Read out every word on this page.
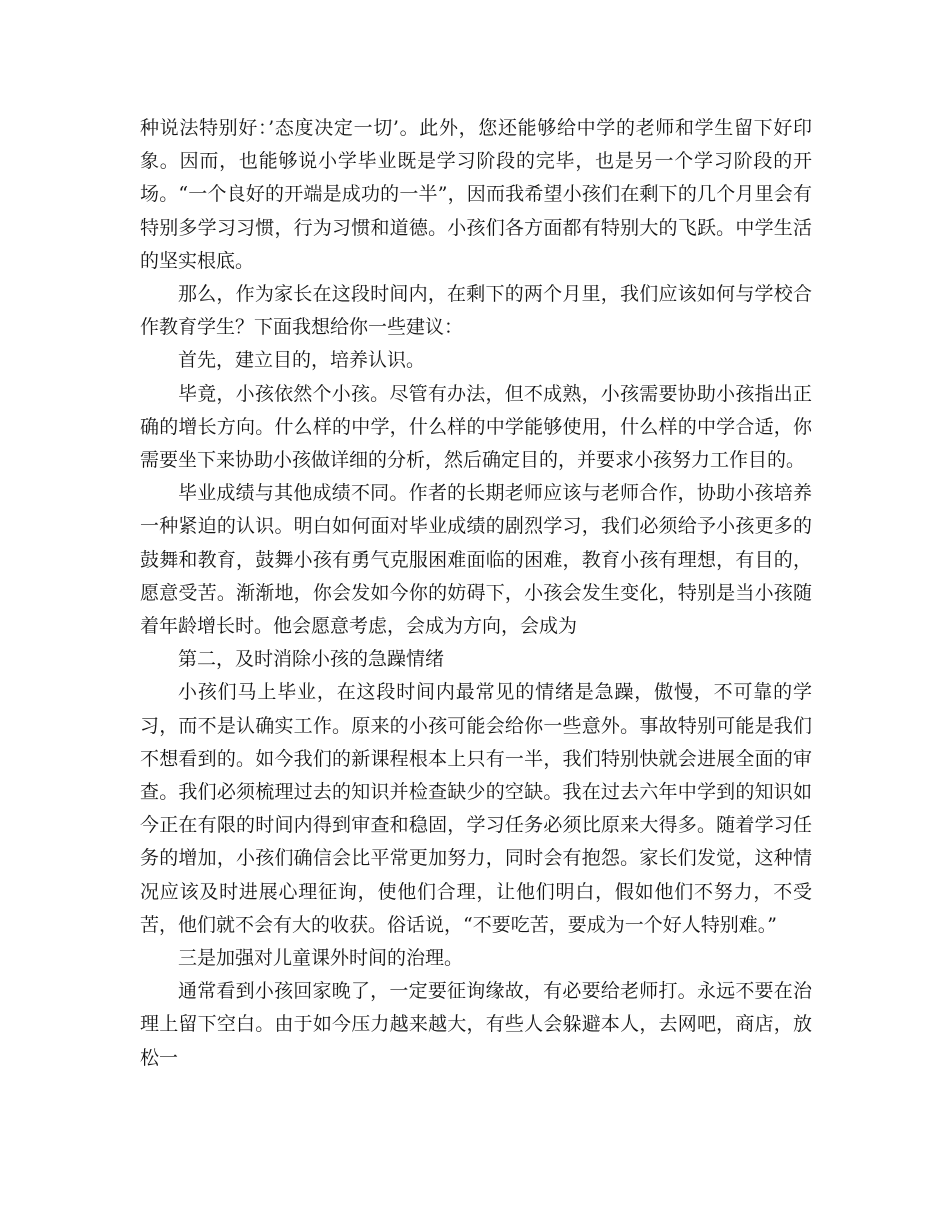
种说法特别好：’态度决定一切’。此外，您还能够给中学的老师和学生留下好印象。因而，也能够说小学毕业既是学习阶段的完毕，也是另一个学习阶段的开场。“一个良好的开端是成功的一半”，因而我希望小孩们在剩下的几个月里会有特别多学习习惯，行为习惯和道德。小孩们各方面都有特别大的飞跃。中学生活的坚实根底。

那么，作为家长在这段时间内，在剩下的两个月里，我们应该如何与学校合作教育学生？下面我想给你一些建议：

首先，建立目的，培养认识。

毕竟，小孩依然个小孩。尽管有办法，但不成熟，小孩需要协助小孩指出正确的增长方向。什么样的中学，什么样的中学能够使用，什么样的中学合适，你需要坐下来协助小孩做详细的分析，然后确定目的，并要求小孩努力工作目的。

毕业成绩与其他成绩不同。作者的长期老师应该与老师合作，协助小孩培养一种紧迫的认识。明白如何面对毕业成绩的剧烈学习，我们必须给予小孩更多的鼓舞和教育，鼓舞小孩有勇气克服困难面临的困难，教育小孩有理想，有目的，愿意受苦。渐渐地，你会发如今你的妨碍下，小孩会发生变化，特别是当小孩随着年龄增长时。他会愿意考虑，会成为方向，会成为

第二，及时消除小孩的急躁情绪

小孩们马上毕业，在这段时间内最常见的情绪是急躁，傲慢，不可靠的学习，而不是认确实工作。原来的小孩可能会给你一些意外。事故特别可能是我们不想看到的。如今我们的新课程根本上只有一半，我们特别快就会进展全面的审查。我们必须梳理过去的知识并检查缺少的空缺。我在过去六年中学到的知识如今正在有限的时间内得到审查和稳固，学习任务必须比原来大得多。随着学习任务的增加，小孩们确信会比平常更加努力，同时会有抱怨。家长们发觉，这种情况应该及时进展心理征询，使他们合理，让他们明白，假如他们不努力，不受苦，他们就不会有大的收获。俗话说，“不要吃苦，要成为一个好人特别难。”

三是加强对儿童课外时间的治理。

通常看到小孩回家晚了，一定要征询缘故，有必要给老师打。永远不要在治理上留下空白。由于如今压力越来越大，有些人会躲避本人，去网吧，商店，放松一
